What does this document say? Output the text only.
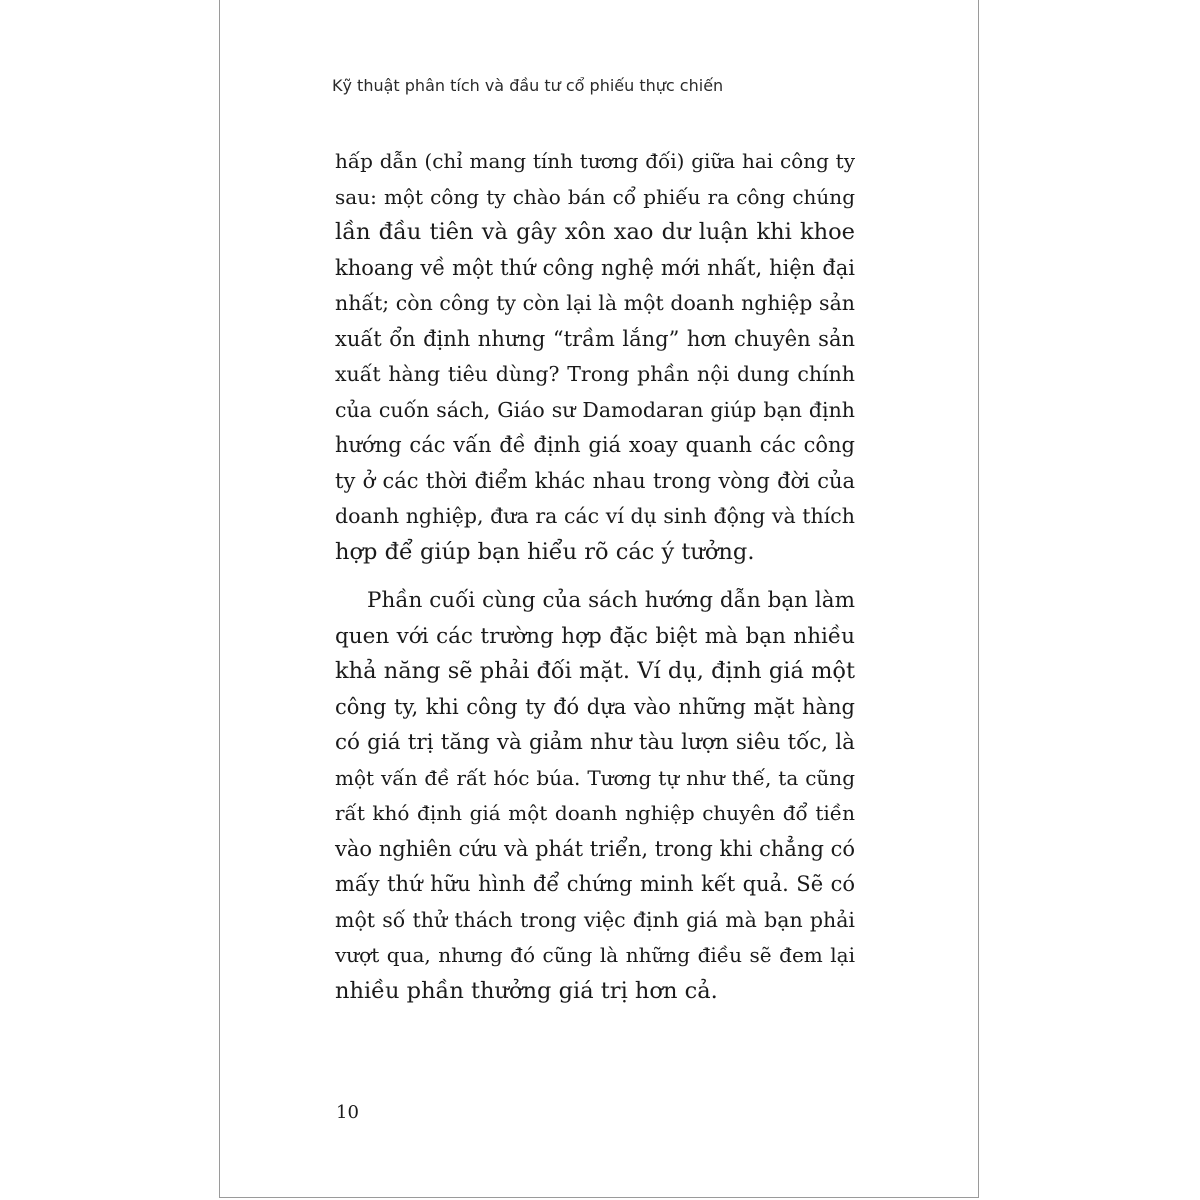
Kỹ thuật phân tích và đầu tư cổ phiếu thực chiến
hấp dẫn (chỉ mang tính tương đối) giữa hai công ty
sau: một công ty chào bán cổ phiếu ra công chúng
lần đầu tiên và gây xôn xao dư luận khi khoe
khoang về một thứ công nghệ mới nhất, hiện đại
nhất; còn công ty còn lại là một doanh nghiệp sản
xuất ổn định nhưng “trầm lắng” hơn chuyên sản
xuất hàng tiêu dùng? Trong phần nội dung chính
của cuốn sách, Giáo sư Damodaran giúp bạn định
hướng các vấn đề định giá xoay quanh các công
ty ở các thời điểm khác nhau trong vòng đời của
doanh nghiệp, đưa ra các ví dụ sinh động và thích
hợp để giúp bạn hiểu rõ các ý tưởng.
Phần cuối cùng của sách hướng dẫn bạn làm
quen với các trường hợp đặc biệt mà bạn nhiều
khả năng sẽ phải đối mặt. Ví dụ, định giá một
công ty, khi công ty đó dựa vào những mặt hàng
có giá trị tăng và giảm như tàu lượn siêu tốc, là
một vấn đề rất hóc búa. Tương tự như thế, ta cũng
rất khó định giá một doanh nghiệp chuyên đổ tiền
vào nghiên cứu và phát triển, trong khi chẳng có
mấy thứ hữu hình để chứng minh kết quả. Sẽ có
một số thử thách trong việc định giá mà bạn phải
vượt qua, nhưng đó cũng là những điều sẽ đem lại
nhiều phần thưởng giá trị hơn cả.
10
